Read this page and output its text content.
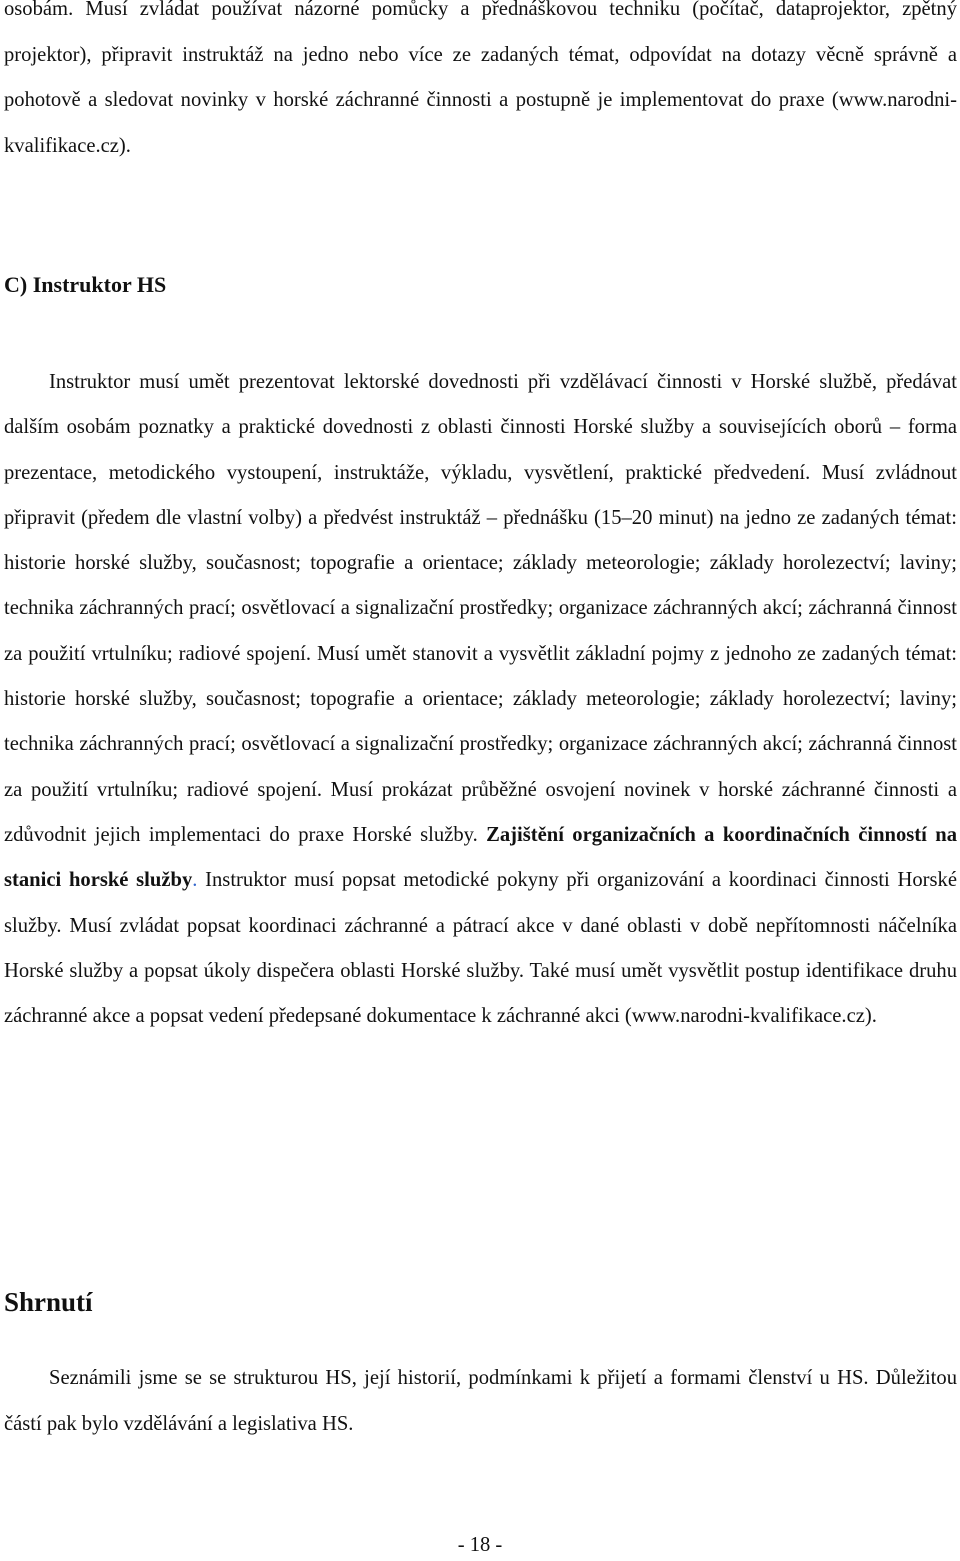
osobám. Musí zvládat používat názorné pomůcky a přednáškovou techniku (počítač, dataprojektor, zpětný projektor), připravit instruktáž na jedno nebo více ze zadaných témat, odpovídat na dotazy věcně správně a pohotově a sledovat novinky v horské záchranné činnosti a postupně je implementovat do praxe (www.narodni-kvalifikace.cz).

C) Instruktor HS

Instruktor musí umět prezentovat lektorské dovednosti při vzdělávací činnosti v Horské službě, předávat dalším osobám poznatky a praktické dovednosti z oblasti činnosti Horské služby a souvisejících oborů – forma prezentace, metodického vystoupení, instruktáže, výkladu, vysvětlení, praktické předvedení. Musí zvládnout připravit (předem dle vlastní volby) a předvést instruktáž – přednášku (15–20 minut) na jedno ze zadaných témat: historie horské služby, současnost; topografie a orientace; základy meteorologie; základy horolezectví; laviny; technika záchranných prací; osvětlovací a signalizační prostředky; organizace záchranných akcí; záchranná činnost za použití vrtulníku; radiové spojení. Musí umět stanovit a vysvětlit základní pojmy z jednoho ze zadaných témat: historie horské služby, současnost; topografie a orientace; základy meteorologie; základy horolezectví; laviny; technika záchranných prací; osvětlovací a signalizační prostředky; organizace záchranných akcí; záchranná činnost za použití vrtulníku; radiové spojení. Musí prokázat průběžné osvojení novinek v horské záchranné činnosti a zdůvodnit jejich implementaci do praxe Horské služby. Zajištění organizačních a koordinačních činností na stanici horské služby. Instruktor musí popsat metodické pokyny při organizování a koordinaci činnosti Horské služby. Musí zvládat popsat koordinaci záchranné a pátrací akce v dané oblasti v době nepřítomnosti náčelníka Horské služby a popsat úkoly dispečera oblasti Horské služby. Také musí umět vysvětlit postup identifikace druhu záchranné akce a popsat vedení předepsané dokumentace k záchranné akci (www.narodni-kvalifikace.cz).

Shrnutí

Seznámili jsme se se strukturou HS, její historií, podmínkami k přijetí a formami členství u HS. Důležitou částí pak bylo vzdělávání a legislativa HS.

- 18 -
